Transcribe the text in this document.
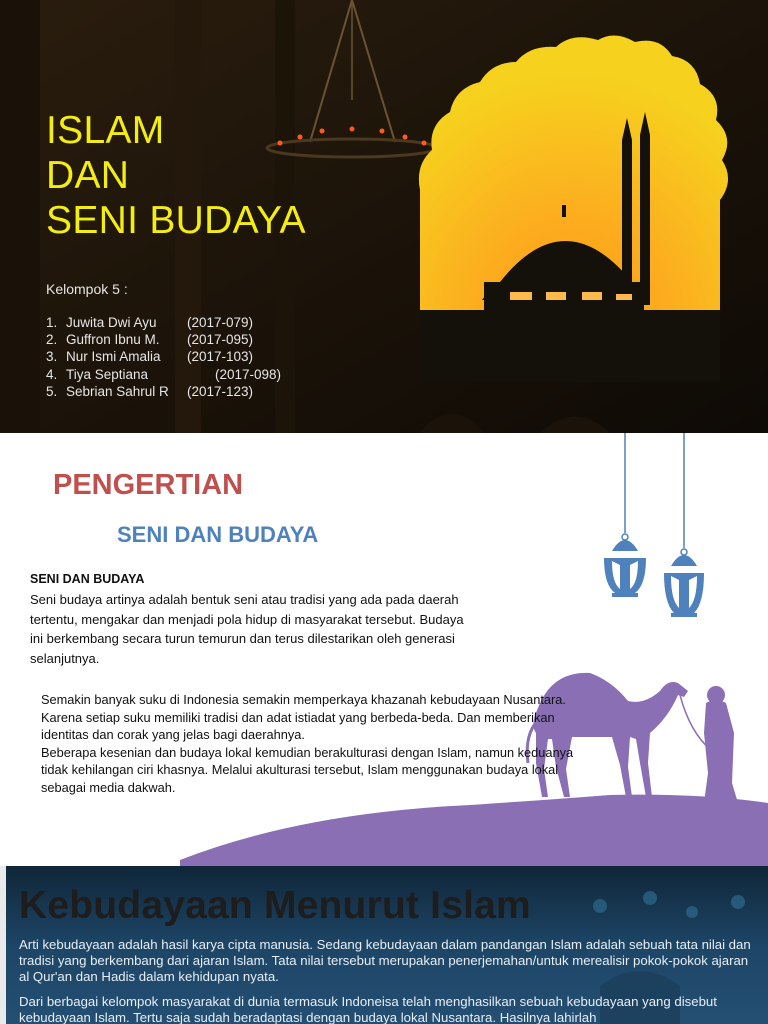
ISLAM
DAN
SENI BUDAYA
Kelompok 5 :
1. Juwita Dwi Ayu (2017-079)
2. Guffron Ibnu M. (2017-095)
3. Nur Ismi Amalia (2017-103)
4. Tiya Septiana	(2017-098)
5. Sebrian Sahrul R (2017-123)
PENGERTIAN
SENI DAN BUDAYA
SENI DAN BUDAYA
Seni budaya artinya adalah bentuk seni atau tradisi yang ada pada daerah tertentu, mengakar dan menjadi pola hidup di masyarakat tersebut. Budaya ini berkembang secara turun temurun dan terus dilestarikan oleh generasi selanjutnya.

Semakin banyak suku di Indonesia semakin memperkaya khazanah kebudayaan Nusantara.

Karena setiap suku memiliki tradisi dan adat istiadat yang berbeda-beda. Dan memberikan identitas dan corak yang jelas bagi daerahnya.

Beberapa kesenian dan budaya lokal kemudian berakulturasi dengan Islam, namun keduanya tidak kehilangan ciri khasnya. Melalui akulturasi tersebut, Islam menggunakan budaya lokal sebagai media dakwah.

Kebudayaan Menurut Islam
Arti kebudayaan adalah hasil karya cipta manusia. Sedang kebudayaan dalam pandangan Islam adalah sebuah tata nilai dan tradisi yang berkembang dari ajaran Islam. Tata nilai tersebut merupakan penerjemahan/untuk merealisir pokok-pokok ajaran al Qur'an dan Hadis dalam kehidupan nyata.
Dari berbagai kelompok masyarakat di dunia termasuk Indoneisa telah menghasilkan sebuah kebudayaan yang disebut kebudayaan Islam. Tertu saja sudah beradaptasi dengan budaya lokal Nusantara. Hasilnya lahirlah
